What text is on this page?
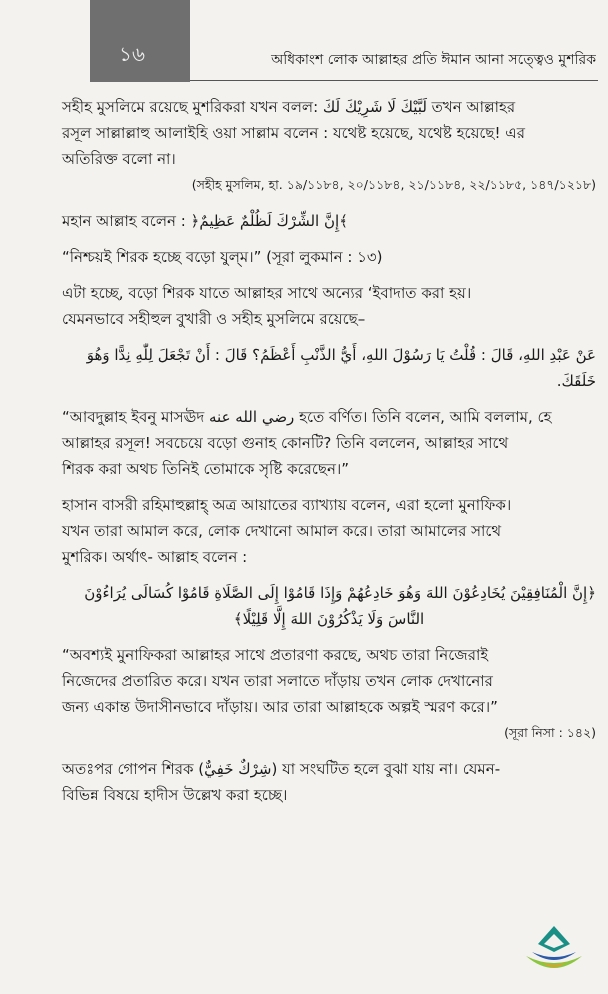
১৬	অধিকাংশ লোক আল্লাহর প্রতি ঈমান আনা সত্ত্বেও মুশরিক

সহীহ মুসলিমে রয়েছে মুশরিকরা যখন বলল: لَبَّيْكَ لَا شَرِيْكَ لَكَ তখন আল্লাহর

রসূল সাল্লাল্লাহু আলাইহি ওয়া সাল্লাম বলেন : যথেষ্ট হয়েছে, যথেষ্ট হয়েছে! এর

অতিরিক্ত বলো না।

(সহীহ মুসলিম, হা. ১৯/১১৮৪, ২০/১১৮৪, ২১/১১৮৪, ২২/১১৮৫, ১৪৭/১২১৮)

মহান আল্লাহ বলেন : ﴿إِنَّ الشِّرْكَ لَظُلْمٌ عَظِيمٌ﴾

“নিশ্চয়ই শিরক হচ্ছে বড়ো যুল্‌ম।” (সূরা লুকমান : ১৩)

এটা হচ্ছে, বড়ো শিরক যাতে আল্লাহর সাথে অন্যের ‘ইবাদাত করা হয়।

যেমনভাবে সহীহুল বুখারী ও সহীহ মুসলিমে রয়েছে–

عَنْ عَبْدِ اللهِ، قَالَ : قُلْتُ يَا رَسُوْلَ اللهِ، أَيُّ الذَّنْبِ أَعْظَمُ؟ قَالَ : أَنْ تَجْعَلَ لِلّٰهِ نِدًّا وَهُوَ خَلَقَكَ.

“আবদুল্লাহ ইবনু মাসঊদ رضي الله عنه হতে বর্ণিত। তিনি বলেন, আমি বললাম, হে

আল্লাহর রসূল! সবচেয়ে বড়ো গুনাহ কোনটি? তিনি বললেন, আল্লাহর সাথে

শিরক করা অথচ তিনিই তোমাকে সৃষ্টি করেছেন।”

হাসান বাসরী রহিমাহুল্লাহ্ অত্র আয়াতের ব্যাখ্যায় বলেন, এরা হলো মুনাফিক।

যখন তারা আমাল করে, লোক দেখানো আমাল করে। তারা আমালের সাথে

মুশরিক। অর্থাৎ- আল্লাহ বলেন :

﴿إِنَّ الْمُنَافِقِيْنَ يُخَادِعُوْنَ اللهَ وَهُوَ خَادِعُهُمْ وَإِذَا قَامُوْا إِلَى الصَّلَاةِ قَامُوْا كُسَالَى يُرَاءُوْنَ

النَّاسَ وَلَا يَذْكُرُوْنَ اللهَ إِلَّا قَلِيْلًا﴾

“অবশ্যই মুনাফিকরা আল্লাহর সাথে প্রতারণা করছে, অথচ তারা নিজেরাই

নিজেদের প্রতারিত করে। যখন তারা সলাতে দাঁড়ায় তখন লোক দেখানোর

জন্য একান্ত উদাসীনভাবে দাঁড়ায়। আর তারা আল্লাহকে অল্পই স্মরণ করে।”

(সূরা নিসা : ১৪২)

অতঃপর গোপন শিরক (شِرْكٌ خَفِيٌّ) যা সংঘটিত হলে বুঝা যায় না। যেমন-

বিভিন্ন বিষয়ে হাদীস উল্লেখ করা হচ্ছে।
